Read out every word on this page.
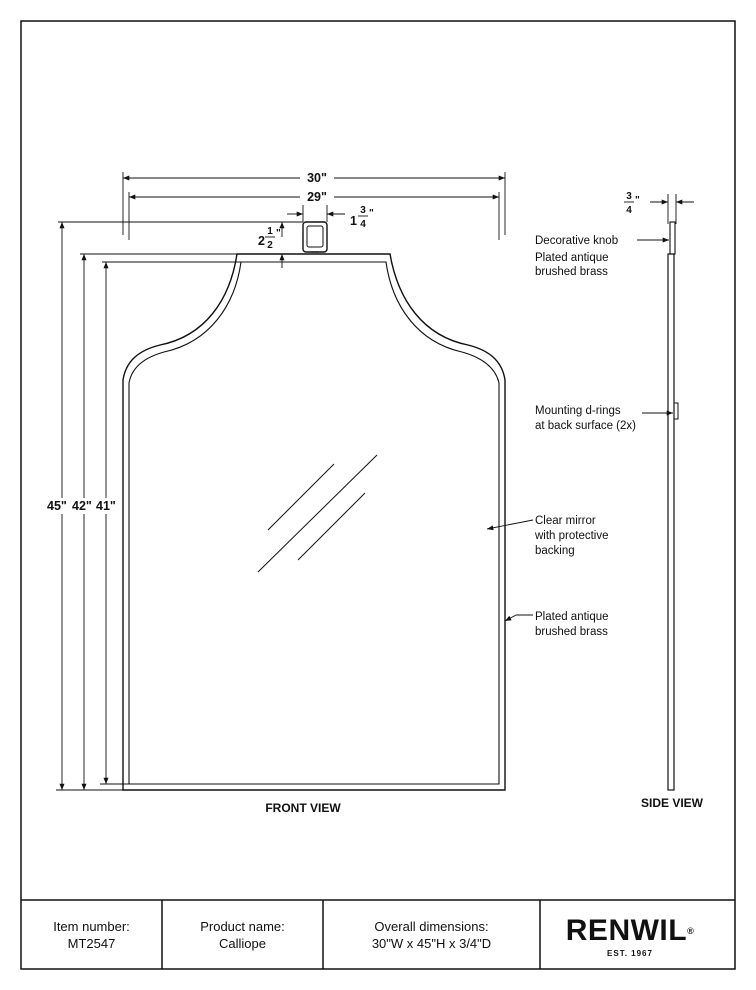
30"
29"
1
3
4
"
2
1
2
"
45" 42" 41"
FRONT VIEW	SIDE VIEW
3
4
"
Decorative knob Plated antique brushed brass
Mounting d-rings at back surface (2x)
Clear mirror with protective backing
Plated antique brushed brass
Item number:
MT2547
Product name:
Calliope
Overall dimensions:
30"W x 45"H x 3/4"D	RENWIL®
EST. 1967
